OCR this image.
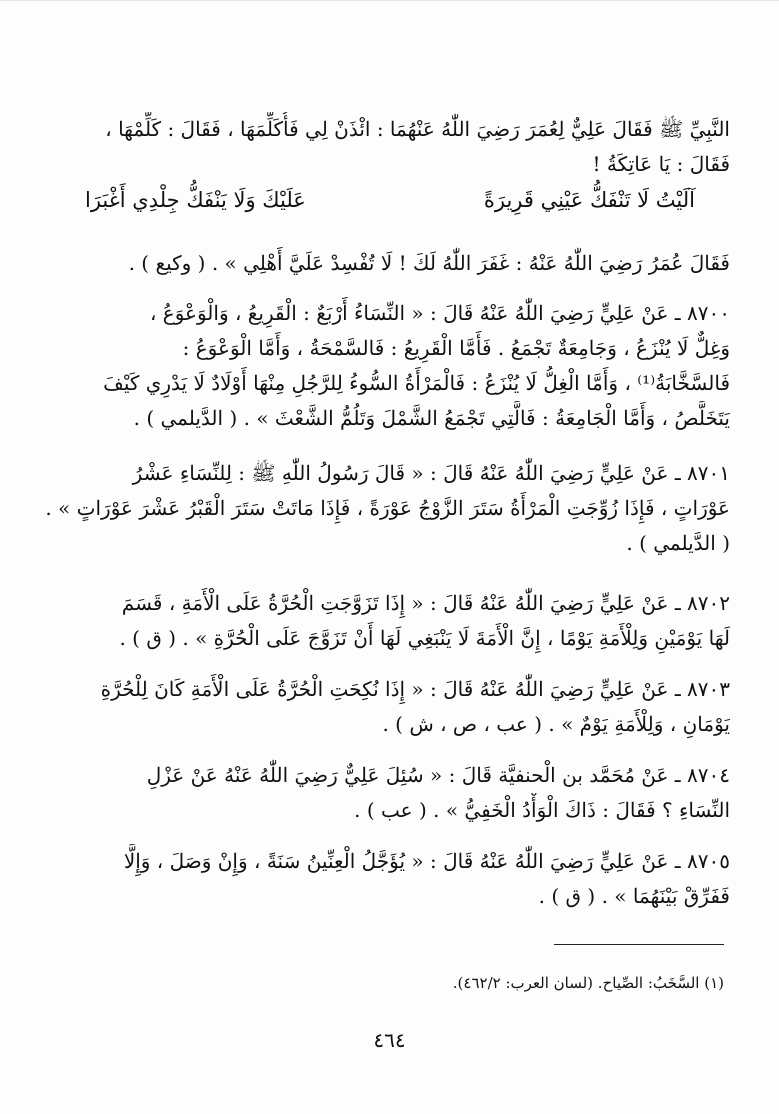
النَّبِيِّ ﷺ فَقَالَ عَلِيٌّ لِعُمَرَ رَضِيَ اللّٰهُ عَنْهُمَا : ائْذَنْ لِي فَأُكَلِّمَهَا ، فَقَالَ : كَلِّمْهَا ،
فَقَالَ : يَا عَاتِكَةُ !
آلَيْتُ لَا تَنْفَكُّ عَيْنِي قَرِيرَةً
عَلَيْكَ وَلَا يَنْفَكُّ جِلْدِي أَغْبَرَا
فَقَالَ عُمَرُ رَضِيَ اللّٰهُ عَنْهُ : غَفَرَ اللّٰهُ لَكَ ! لَا تُفْسِدْ عَلَيَّ أَهْلِي » . ( وكيع ) .
٨٧٠٠ ـ عَنْ عَلِيٍّ رَضِيَ اللّٰهُ عَنْهُ قَالَ : « النِّسَاءُ أَرْبَعٌ : الْقَرِيعُ ، وَالْوَعْوَعُ ،
وَغِلٌّ لَا يُنْزَعُ ، وَجَامِعَةٌ تَجْمَعُ . فَأَمَّا الْقَرِيعُ : فَالسَّمْحَةُ ، وَأَمَّا الْوَعْوَعُ :
فَالسَّخَّابَةُ⁽¹⁾ ، وَأَمَّا الْغِلُّ لَا يُنْزَعُ : فَالْمَرْأَةُ السُّوءُ لِلرَّجُلِ مِنْهَا أَوْلَادٌ لَا يَدْرِي كَيْفَ
يَتَخَلَّصُ ، وَأَمَّا الْجَامِعَةُ : فَالَّتِي تَجْمَعُ الشَّمْلَ وَتَلُمُّ الشَّعْثَ » . ( الدَّيلمي ) .
٨٧٠١ ـ عَنْ عَلِيٍّ رَضِيَ اللّٰهُ عَنْهُ قَالَ : « قَالَ رَسُولُ اللّٰهِ ﷺ : لِلنِّسَاءِ عَشْرُ
عَوْرَاتٍ ، فَإِذَا زُوِّجَتِ الْمَرْأَةُ سَتَرَ الزَّوْجُ عَوْرَةً ، فَإِذَا مَاتَتْ سَتَرَ الْقَبْرُ عَشْرَ عَوْرَاتٍ » .
( الدَّيلمي ) .
٨٧٠٢ ـ عَنْ عَلِيٍّ رَضِيَ اللّٰهُ عَنْهُ قَالَ : « إِذَا تَزَوَّجَتِ الْحُرَّةُ عَلَى الْأَمَةِ ، قَسَمَ
لَهَا يَوْمَيْنِ وَلِلْأَمَةِ يَوْمًا ، إِنَّ الْأَمَةَ لَا يَنْبَغِي لَهَا أَنْ تَزَوَّجَ عَلَى الْحُرَّةِ » . ( ق ) .
٨٧٠٣ ـ عَنْ عَلِيٍّ رَضِيَ اللّٰهُ عَنْهُ قَالَ : « إِذَا نُكِحَتِ الْحُرَّةُ عَلَى الْأَمَةِ كَانَ لِلْحُرَّةِ
يَوْمَانِ ، وَلِلْأَمَةِ يَوْمٌ » . ( عب ، ص ، ش ) .
٨٧٠٤ ـ عَنْ مُحَمَّد بن الْحنفيَّة قَالَ : « سُئِلَ عَلِيٌّ رَضِيَ اللّٰهُ عَنْهُ عَنْ عَزْلِ
النِّسَاءِ ؟ فَقَالَ : ذَاكَ الْوَأْدُ الْخَفِيُّ » . ( عب ) .
٨٧٠٥ ـ عَنْ عَلِيٍّ رَضِيَ اللّٰهُ عَنْهُ قَالَ : « يُؤَجَّلُ الْعِنِّينُ سَنَةً ، وَإِنْ وَصَلَ ، وَإِلَّا
فَفَرِّقْ بَيْنَهُمَا » . ( ق ) .
(١) السَّخَبُ: الصِّياح. (لسان العرب: ٤٦٢/٢).
٤٦٤
